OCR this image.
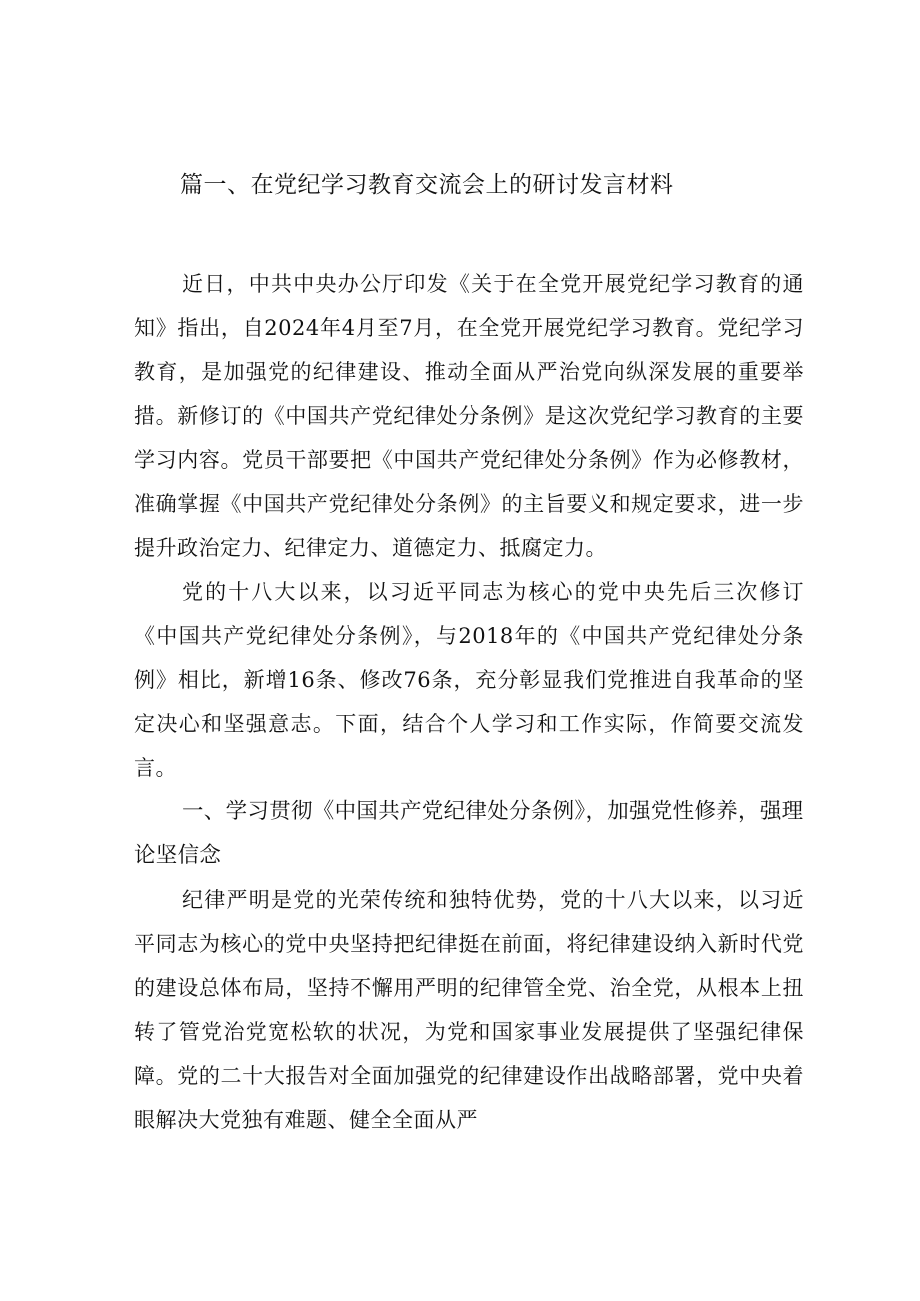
篇一、在党纪学习教育交流会上的研讨发言材料

近日，中共中央办公厅印发《关于在全党开展党纪学习教育的通知》指出，自2024年4月至7月，在全党开展党纪学习教育。党纪学习教育，是加强党的纪律建设、推动全面从严治党向纵深发展的重要举措。新修订的《中国共产党纪律处分条例》是这次党纪学习教育的主要学习内容。党员干部要把《中国共产党纪律处分条例》作为必修教材，准确掌握《中国共产党纪律处分条例》的主旨要义和规定要求，进一步提升政治定力、纪律定力、道德定力、抵腐定力。

党的十八大以来，以习近平同志为核心的党中央先后三次修订《中国共产党纪律处分条例》，与2018年的《中国共产党纪律处分条例》相比，新增16条、修改76条，充分彰显我们党推进自我革命的坚定决心和坚强意志。下面，结合个人学习和工作实际，作简要交流发言。

一、学习贯彻《中国共产党纪律处分条例》，加强党性修养，强理论坚信念

纪律严明是党的光荣传统和独特优势，党的十八大以来，以习近平同志为核心的党中央坚持把纪律挺在前面，将纪律建设纳入新时代党的建设总体布局，坚持不懈用严明的纪律管全党、治全党，从根本上扭转了管党治党宽松软的状况，为党和国家事业发展提供了坚强纪律保障。党的二十大报告对全面加强党的纪律建设作出战略部署，党中央着眼解决大党独有难题、健全全面从严
